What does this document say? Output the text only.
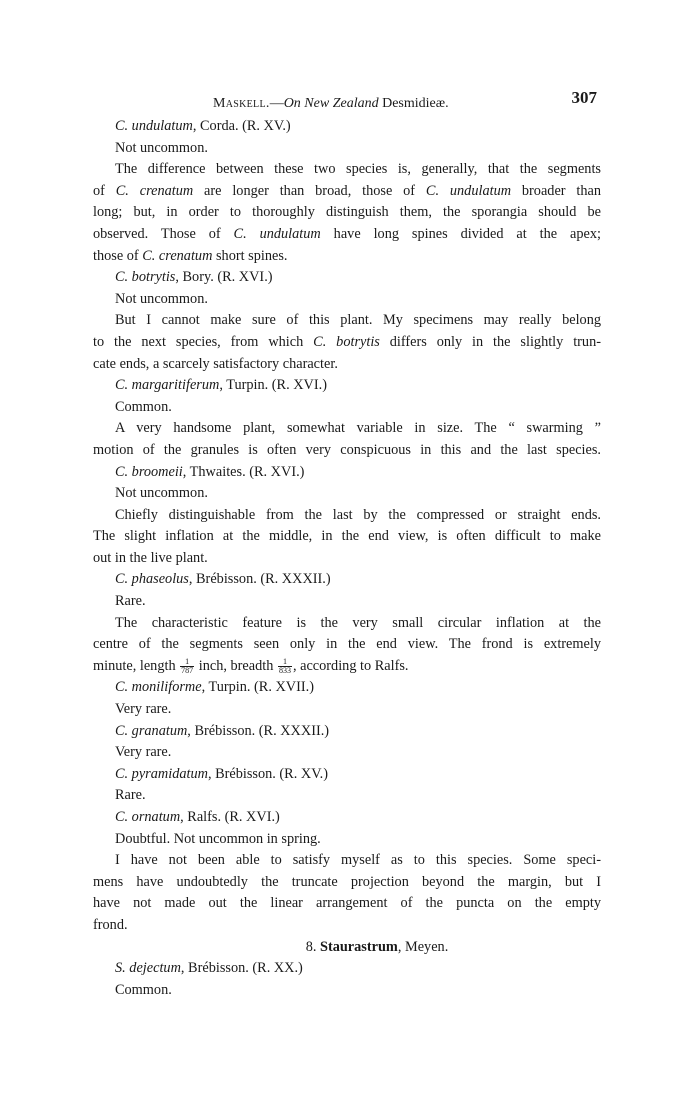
Maskell.—On New Zealand Desmidieæ.	307
C. undulatum, Corda. (R. XV.)
Not uncommon.
The difference between these two species is, generally, that the segments
of C. crenatum are longer than broad, those of C. undulatum broader than
long; but, in order to thoroughly distinguish them, the sporangia should be
observed. Those of C. undulatum have long spines divided at the apex;
those of C. crenatum short spines.
C. botrytis, Bory. (R. XVI.)
Not uncommon.
But I cannot make sure of this plant. My specimens may really belong
to the next species, from which C. botrytis differs only in the slightly trun-
cate ends, a scarcely satisfactory character.
C. margaritiferum, Turpin. (R. XVI.)
Common.
A very handsome plant, somewhat variable in size. The “ swarming ”
motion of the granules is often very conspicuous in this and the last species.
C. broomeii, Thwaites. (R. XVI.)
Not uncommon.
Chiefly distinguishable from the last by the compressed or straight ends.
The slight inflation at the middle, in the end view, is often difficult to make
out in the live plant.
C. phaseolus, Brébisson. (R. XXXII.)
Rare.
The characteristic feature is the very small circular inflation at the
centre of the segments seen only in the end view. The frond is extremely
minute, length $\frac{1}{787}$ inch, breadth $\frac{1}{833}$ , according to Ralfs.
C. moniliforme, Turpin. (R. XVII.)
Very rare.
C. granatum, Brébisson. (R. XXXII.)
Very rare.
C. pyramidatum, Brébisson. (R. XV.)
Rare.
C. ornatum, Ralfs. (R. XVI.)
Doubtful. Not uncommon in spring.
I have not been able to satisfy myself as to this species. Some speci-
mens have undoubtedly the truncate projection beyond the margin, but I
have not made out the linear arrangement of the puncta on the empty
frond.
8. Staurastrum, Meyen.
S. dejectum, Brébisson. (R. XX.)
Common.
